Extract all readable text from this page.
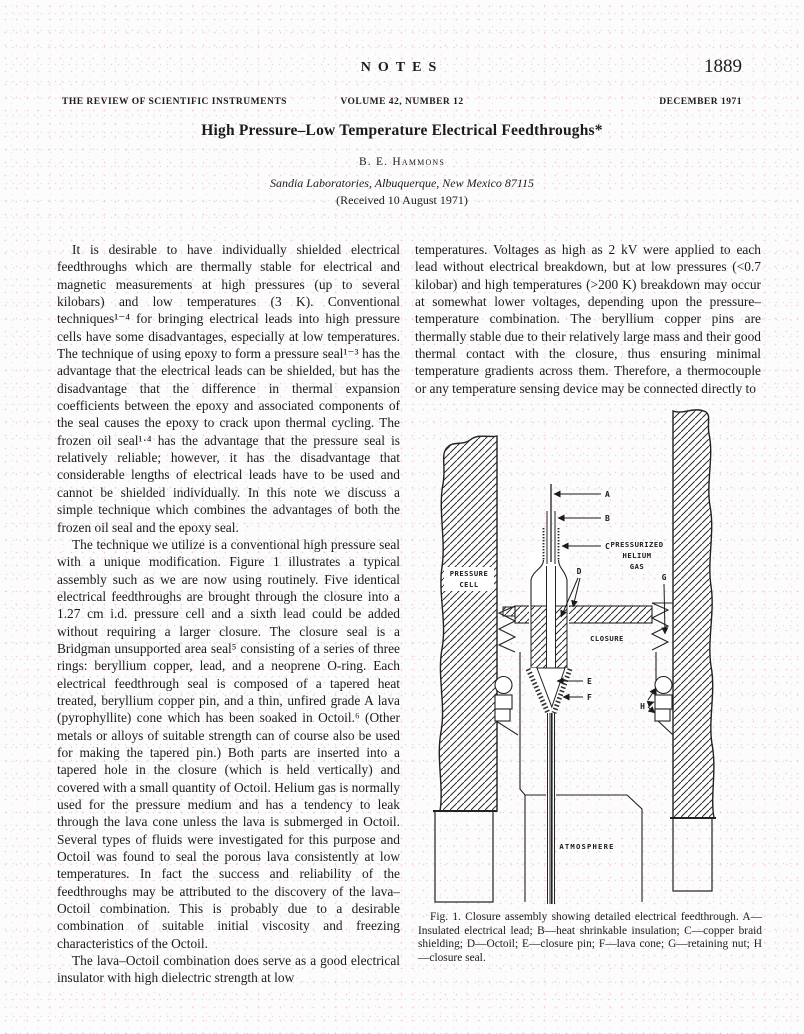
NOTES	1889
THE REVIEW OF SCIENTIFIC INSTRUMENTS	VOLUME 42, NUMBER 12	DECEMBER 1971
High Pressure–Low Temperature Electrical Feedthroughs*
B. E. Hammons
Sandia Laboratories, Albuquerque, New Mexico 87115
(Received 10 August 1971)

It is desirable to have individually shielded electrical feedthroughs which are thermally stable for electrical and magnetic measurements at high pressures (up to several kilobars) and low temperatures (3 K). Conventional techniques¹⁻⁴ for bringing electrical leads into high pressure cells have some disadvantages, especially at low temperatures. The technique of using epoxy to form a pressure seal¹⁻³ has the advantage that the electrical leads can be shielded, but has the disadvantage that the difference in thermal expansion coefficients between the epoxy and associated components of the seal causes the epoxy to crack upon thermal cycling. The frozen oil seal¹·⁴ has the advantage that the pressure seal is relatively reliable; however, it has the disadvantage that considerable lengths of electrical leads have to be used and cannot be shielded individually. In this note we discuss a simple technique which combines the advantages of both the frozen oil seal and the epoxy seal.

The technique we utilize is a conventional high pressure seal with a unique modification. Figure 1 illustrates a typical assembly such as we are now using routinely. Five identical electrical feedthroughs are brought through the closure into a 1.27 cm i.d. pressure cell and a sixth lead could be added without requiring a larger closure. The closure seal is a Bridgman unsupported area seal⁵ consisting of a series of three rings: beryllium copper, lead, and a neoprene O-ring. Each electrical feedthrough seal is composed of a tapered heat treated, beryllium copper pin, and a thin, unfired grade A lava (pyrophyllite) cone which has been soaked in Octoil.⁶ (Other metals or alloys of suitable strength can of course also be used for making the tapered pin.) Both parts are inserted into a tapered hole in the closure (which is held vertically) and covered with a small quantity of Octoil. Helium gas is normally used for the pressure medium and has a tendency to leak through the lava cone unless the lava is submerged in Octoil. Several types of fluids were investigated for this purpose and Octoil was found to seal the porous lava consistently at low temperatures. In fact the success and reliability of the feedthroughs may be attributed to the discovery of the lava–Octoil combination. This is probably due to a desirable combination of suitable initial viscosity and freezing characteristics of the Octoil.

The lava–Octoil combination does serve as a good electrical insulator with high dielectric strength at low

temperatures. Voltages as high as 2 kV were applied to each lead without electrical breakdown, but at low pressures (<0.7 kilobar) and high temperatures (>200 K) breakdown may occur at somewhat lower voltages, depending upon the pressure–temperature combination. The beryllium copper pins are thermally stable due to their relatively large mass and their good thermal contact with the closure, thus ensuring minimal temperature gradients across them. Therefore, a thermocouple or any temperature sensing device may be connected directly to

A
B
C
D
E
F
G
H
PRESSURE
CELL
PRESSURIZED
HELIUM
GAS
CLOSURE
ATMOSPHERE
Fig. 1. Closure assembly showing detailed electrical feedthrough. A—Insulated electrical lead; B—heat shrinkable insulation; C—copper braid shielding; D—Octoil; E—closure pin; F—lava cone; G—retaining nut; H—closure seal.
